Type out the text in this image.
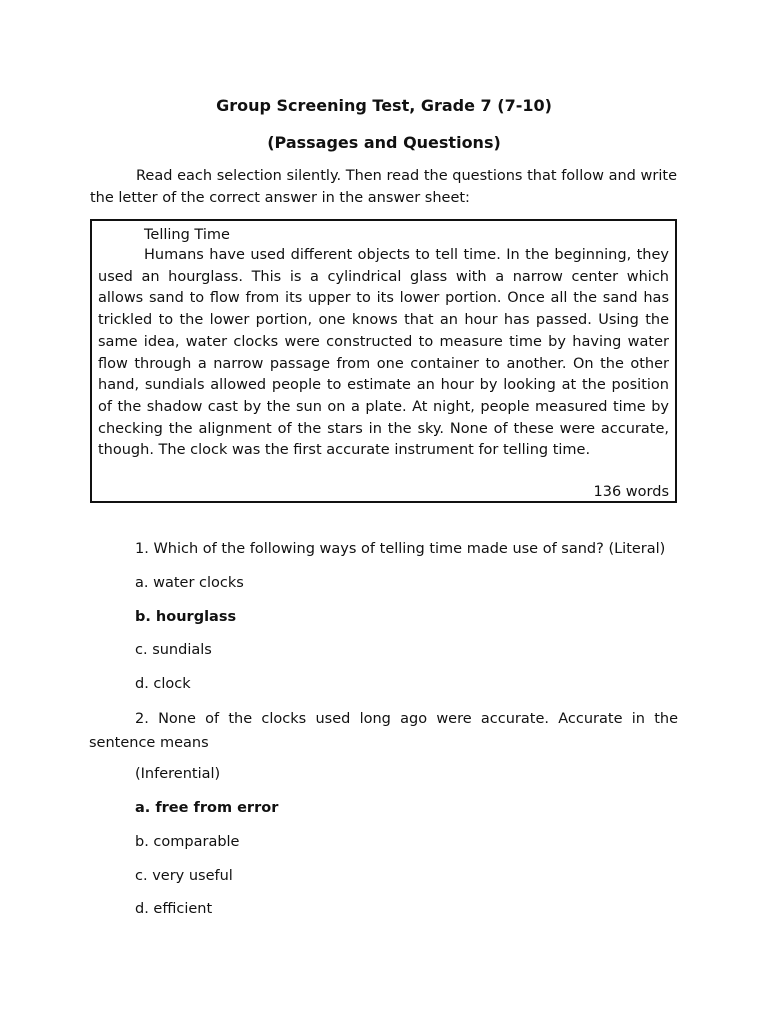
Group Screening Test, Grade 7 (7-10)
(Passages and Questions)

Read each selection silently. Then read the questions that follow and write the letter of the correct answer in the answer sheet:

Telling Time

Humans have used different objects to tell time. In the beginning, they used an hourglass. This is a cylindrical glass with a narrow center which allows sand to flow from its upper to its lower portion. Once all the sand has trickled to the lower portion, one knows that an hour has passed. Using the same idea, water clocks were constructed to measure time by having water flow through a narrow passage from one container to another. On the other hand, sundials allowed people to estimate an hour by looking at the position of the shadow cast by the sun on a plate. At night, people measured time by checking the alignment of the stars in the sky. None of these were accurate, though. The clock was the first accurate instrument for telling time.

136 words
1. Which of the following ways of telling time made use of sand? (Literal)
a. water clocks
b. hourglass
c. sundials
d. clock

2. None of the clocks used long ago were accurate. Accurate in the sentence means

(Inferential)
a. free from error
b. comparable
c. very useful
d. efficient
